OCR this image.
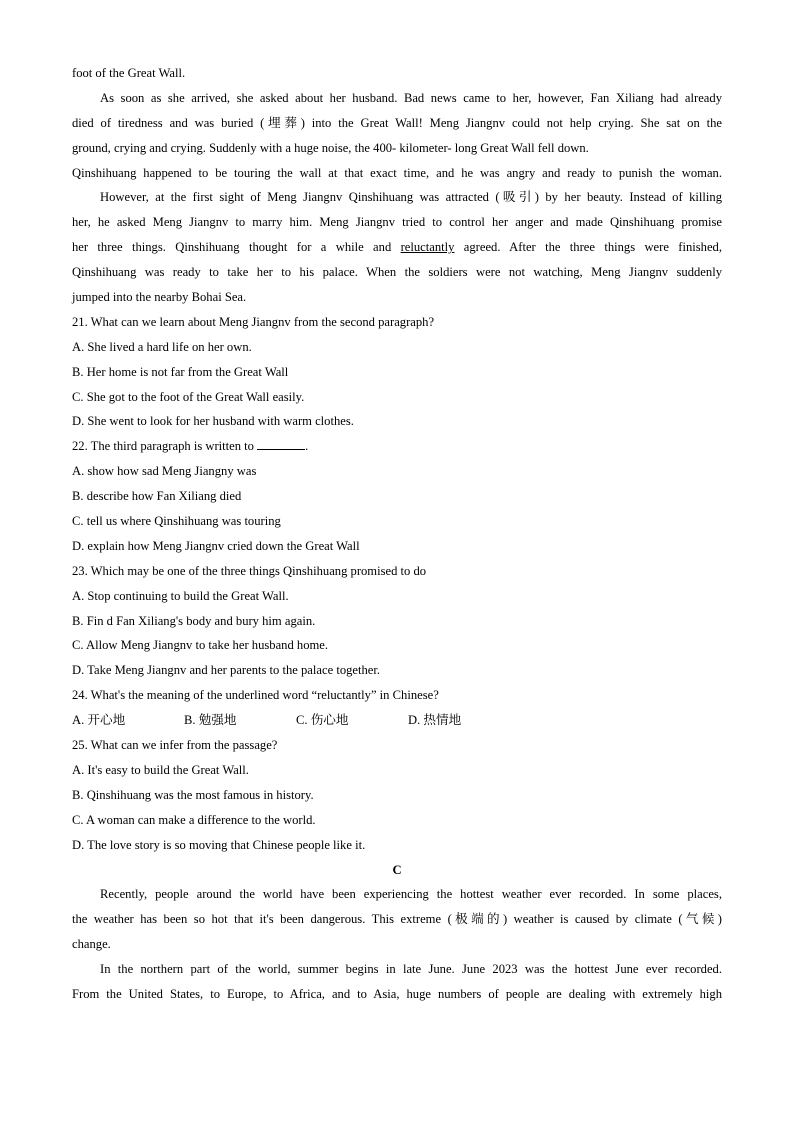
foot of the Great Wall.
As soon as she arrived, she asked about her husband. Bad news came to her, however, Fan Xiliang had already
died of tiredness and was buried (埋葬) into the Great Wall! Meng Jiangnv could not help crying. She sat on the
ground, crying and crying. Suddenly with a huge noise, the 400- kilometer- long Great Wall fell down.
Qinshihuang happened to be touring the wall at that exact time, and he was angry and ready to punish the woman.
However, at the first sight of Meng Jiangnv Qinshihuang was attracted (吸引) by her beauty. Instead of killing
her, he asked Meng Jiangnv to marry him. Meng Jiangnv tried to control her anger and made Qinshihuang promise
her three things. Qinshihuang thought for a while and reluctantly agreed. After the three things were finished,
Qinshihuang was ready to take her to his palace. When the soldiers were not watching, Meng Jiangnv suddenly
jumped into the nearby Bohai Sea.
21. What can we learn about Meng Jiangnv from the second paragraph?
A. She lived a hard life on her own.
B. Her home is not far from the Great Wall
C. She got to the foot of the Great Wall easily.
D. She went to look for her husband with warm clothes.
22. The third paragraph is written to	.
A. show how sad Meng Jiangny was
B. describe how Fan Xiliang died
C. tell us where Qinshihuang was touring
D. explain how Meng Jiangnv cried down the Great Wall
23. Which may be one of the three things Qinshihuang promised to do
A. Stop continuing to build the Great Wall.
B. Fin d Fan Xiliang's body and bury him again.
C. Allow Meng Jiangnv to take her husband home.
D. Take Meng Jiangnv and her parents to the palace together.
24. What's the meaning of the underlined word “reluctantly” in Chinese?
A. 开心地	B. 勉强地	C. 伤心地	D. 热情地
25. What can we infer from the passage?
A. It's easy to build the Great Wall.
B. Qinshihuang was the most famous in history.
C. A woman can make a difference to the world.
D. The love story is so moving that Chinese people like it.
C
Recently, people around the world have been experiencing the hottest weather ever recorded. In some places,
the weather has been so hot that it's been dangerous. This extreme (极端的) weather is caused by climate (气候)
change.
In the northern part of the world, summer begins in late June. June 2023 was the hottest June ever recorded.
From the United States, to Europe, to Africa, and to Asia, huge numbers of people are dealing with extremely high
